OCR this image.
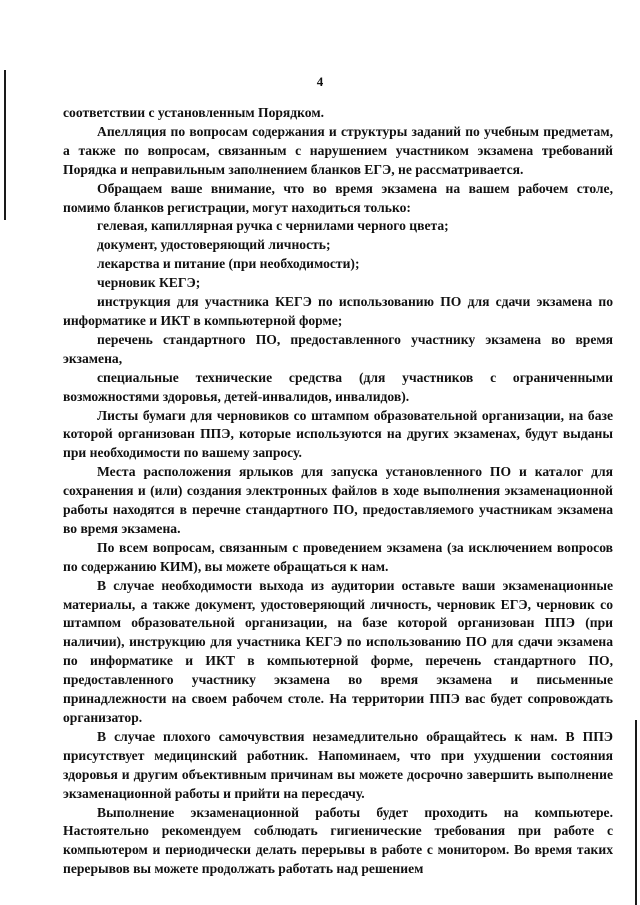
4

соответствии с установленным Порядком.

Апелляция по вопросам содержания и структуры заданий по учебным предметам, а также по вопросам, связанным с нарушением участником экзамена требований Порядка и неправильным заполнением бланков ЕГЭ, не рассматривается.

Обращаем ваше внимание, что во время экзамена на вашем рабочем столе, помимо бланков регистрации, могут находиться только:

гелевая, капиллярная ручка с чернилами черного цвета;

документ, удостоверяющий личность;

лекарства и питание (при необходимости);

черновик КЕГЭ;

инструкция для участника КЕГЭ по использованию ПО для сдачи экзамена по информатике и ИКТ в компьютерной форме;

перечень стандартного ПО, предоставленного участнику экзамена во время экзамена,

специальные технические средства (для участников с ограниченными возможностями здоровья, детей-инвалидов, инвалидов).

Листы бумаги для черновиков со штампом образовательной организации, на базе которой организован ППЭ, которые используются на других экзаменах, будут выданы при необходимости по вашему запросу.

Места расположения ярлыков для запуска установленного ПО и каталог для сохранения и (или) создания электронных файлов в ходе выполнения экзаменационной работы находятся в перечне стандартного ПО, предоставляемого участникам экзамена во время экзамена.

По всем вопросам, связанным с проведением экзамена (за исключением вопросов по содержанию КИМ), вы можете обращаться к нам.

В случае необходимости выхода из аудитории оставьте ваши экзаменационные материалы, а также документ, удостоверяющий личность, черновик ЕГЭ, черновик со штампом образовательной организации, на базе которой организован ППЭ (при наличии), инструкцию для участника КЕГЭ по использованию ПО для сдачи экзамена по информатике и ИКТ в компьютерной форме, перечень стандартного ПО, предоставленного участнику экзамена во время экзамена и письменные принадлежности на своем рабочем столе. На территории ППЭ вас будет сопровождать организатор.

В случае плохого самочувствия незамедлительно обращайтесь к нам. В ППЭ присутствует медицинский работник. Напоминаем, что при ухудшении состояния здоровья и другим объективным причинам вы можете досрочно завершить выполнение экзаменационной работы и прийти на пересдачу.

Выполнение экзаменационной работы будет проходить на компьютере. Настоятельно рекомендуем соблюдать гигиенические требования при работе с компьютером и периодически делать перерывы в работе с монитором. Во время таких перерывов вы можете продолжать работать над решением
